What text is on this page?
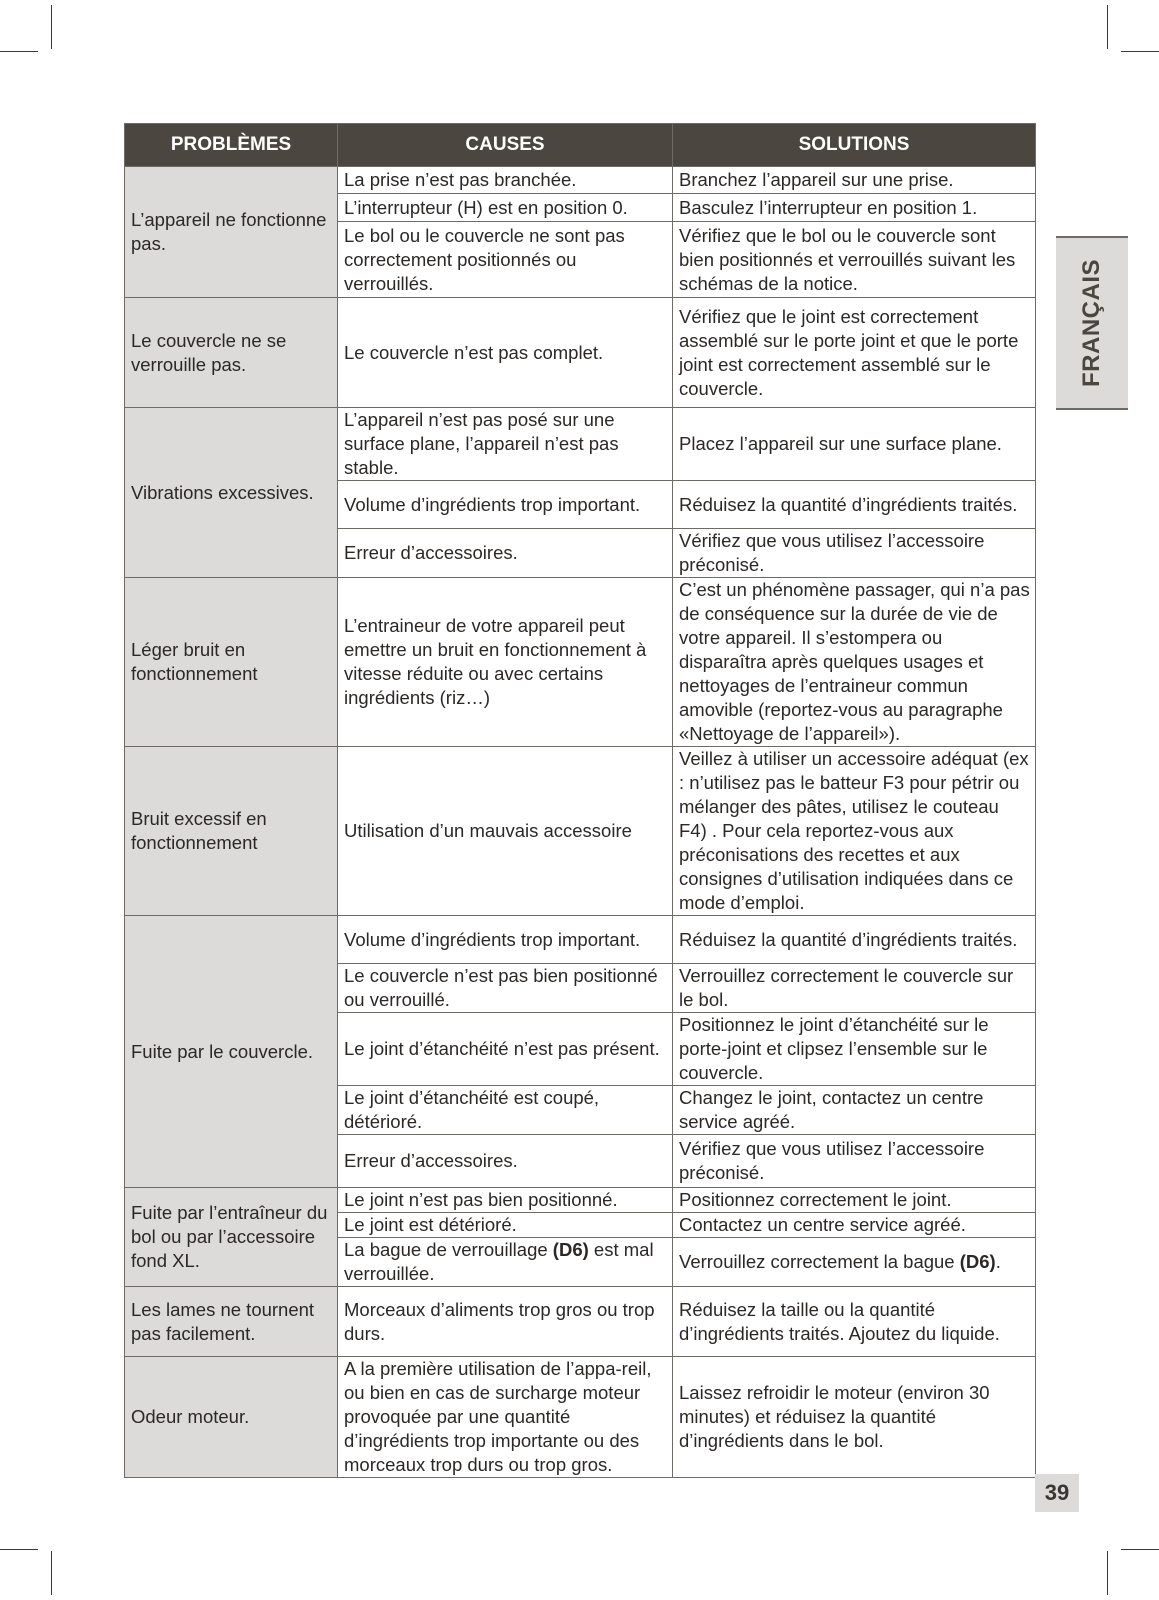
PROBLÈMES	CAUSES	SOLUTIONS
L’appareil ne fonctionne pas.	La prise n’est pas branchée.	Branchez l’appareil sur une prise.
	L’interrupteur (H) est en position 0.	Basculez l’interrupteur en position 1.
	Le bol ou le couvercle ne sont pas correctement positionnés ou verrouillés.	Vérifiez que le bol ou le couvercle sont bien positionnés et verrouillés suivant les schémas de la notice.
Le couvercle ne se verrouille pas.	Le couvercle n’est pas complet.	Vérifiez que le joint est correctement assemblé sur le porte joint et que le porte joint est correctement assemblé sur le couvercle.
Vibrations excessives.	L’appareil n’est pas posé sur une surface plane, l’appareil n’est pas stable.	Placez l’appareil sur une surface plane.
	Volume d’ingrédients trop important.	Réduisez la quantité d’ingrédients traités.
	Erreur d’accessoires.	Vérifiez que vous utilisez l’accessoire préconisé.
Léger bruit en fonctionnement	L’entraineur de votre appareil peut emettre un bruit en fonctionnement à vitesse réduite ou avec certains ingrédients (riz…)	C’est un phénomène passager, qui n’a pas de conséquence sur la durée de vie de votre appareil. Il s’estompera ou disparaîtra après quelques usages et nettoyages de l’entraineur commun amovible (reportez-vous au paragraphe «Nettoyage de l’appareil»).
Bruit excessif en fonctionnement	Utilisation d’un mauvais accessoire	Veillez à utiliser un accessoire adéquat (ex : n’utilisez pas le batteur F3 pour pétrir ou mélanger des pâtes, utilisez le couteau F4) . Pour cela reportez-vous aux préconisations des recettes et aux consignes d’utilisation indiquées dans ce mode d’emploi.
Fuite par le couvercle.	Volume d’ingrédients trop important.	Réduisez la quantité d’ingrédients traités.
	Le couvercle n’est pas bien positionné ou verrouillé.	Verrouillez correctement le couvercle sur le bol.
	Le joint d’étanchéité n’est pas présent.	Positionnez le joint d’étanchéité sur le porte-joint et clipsez l’ensemble sur le couvercle.
	Le joint d’étanchéité est coupé, détérioré.	Changez le joint, contactez un centre service agréé.
	Erreur d’accessoires.	Vérifiez que vous utilisez l’accessoire préconisé.
Fuite par l’entraîneur du bol ou par l’accessoire fond XL.	Le joint n’est pas bien positionné.	Positionnez correctement le joint.
	Le joint est détérioré.	Contactez un centre service agréé.
	La bague de verrouillage (D6) est mal verrouillée.	Verrouillez correctement la bague (D6).
Les lames ne tournent pas facilement.	Morceaux d’aliments trop gros ou trop durs.	Réduisez la taille ou la quantité d’ingrédients traités. Ajoutez du liquide.
Odeur moteur.	A la première utilisation de l’appa-reil, ou bien en cas de surcharge moteur provoquée par une quantité d’ingrédients trop importante ou des morceaux trop durs ou trop gros.	Laissez refroidir le moteur (environ 30 minutes) et réduisez la quantité d’ingrédients dans le bol.
FRANÇAIS
39
